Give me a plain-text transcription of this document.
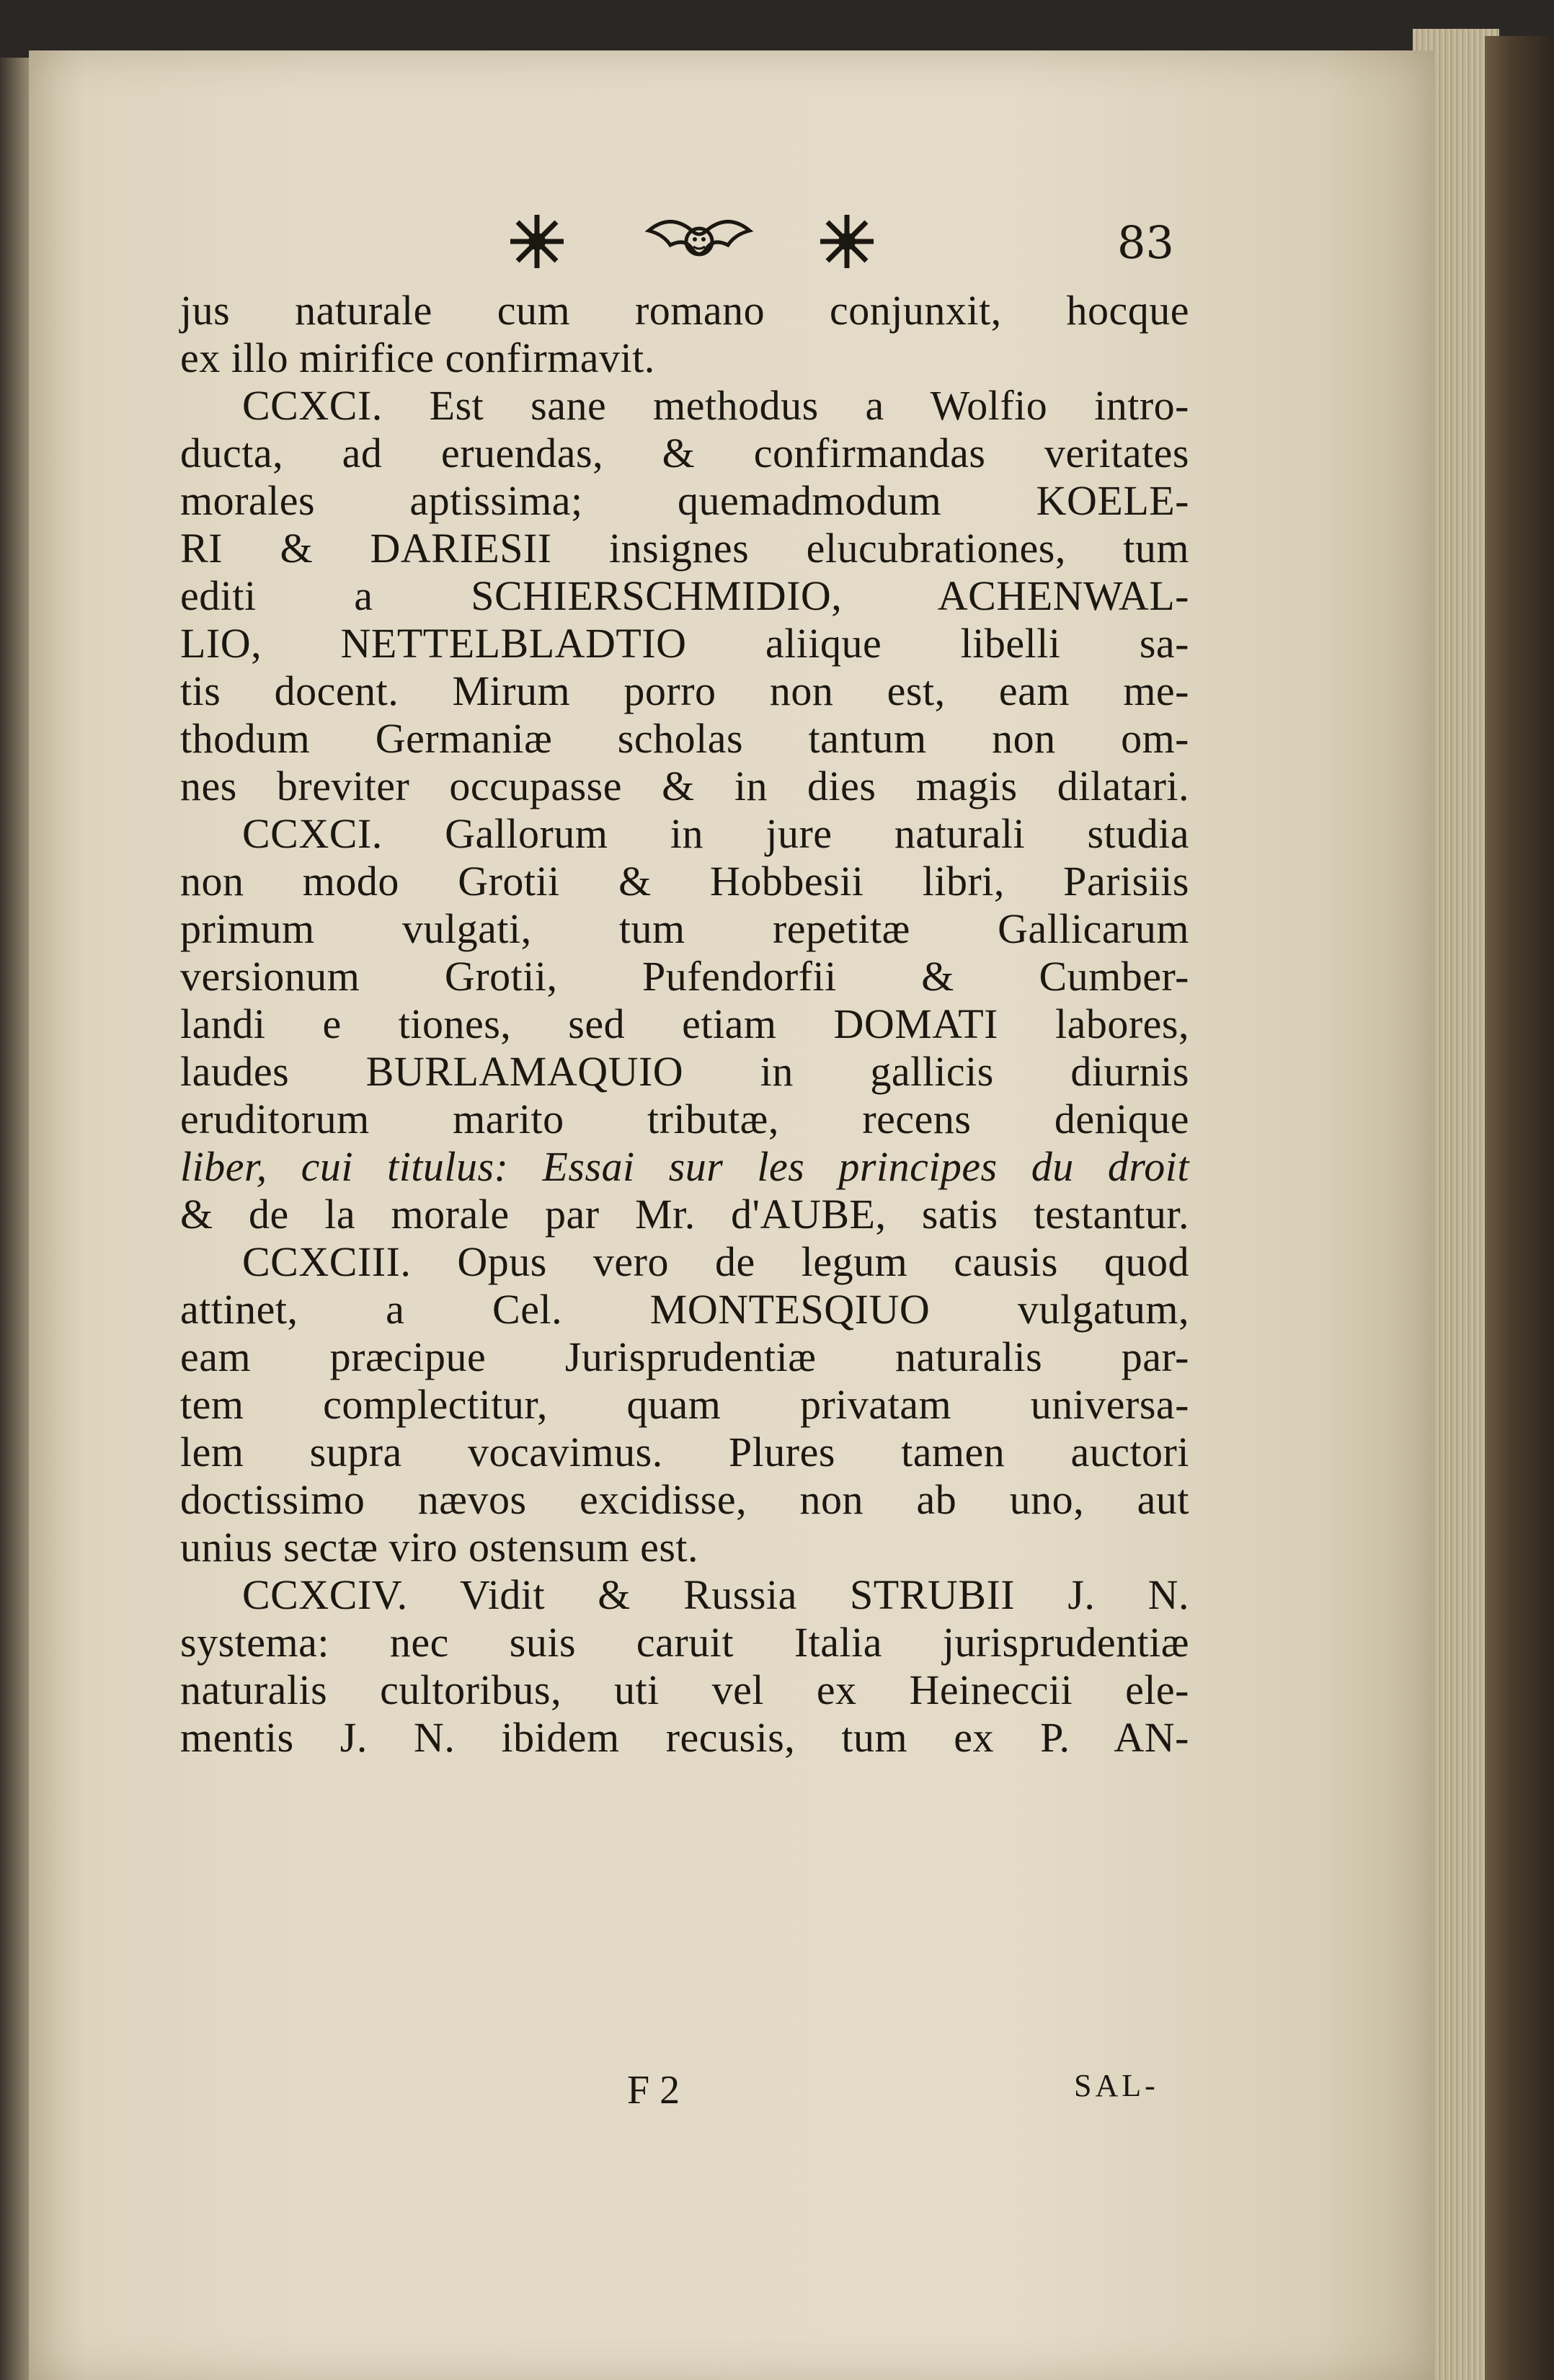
83
jus naturale cum romano conjunxit, hocque
ex illo mirifice confirmavit.
CCXCI. Est sane methodus a Wolfio intro-
ducta, ad eruendas, & confirmandas veritates
morales aptissima; quemadmodum KOELE-
RI & DARIESII insignes elucubrationes, tum
editi a SCHIERSCHMIDIO, ACHENWAL-
LIO, NETTELBLADTIO aliique libelli sa-
tis docent. Mirum porro non est, eam me-
thodum Germaniæ scholas tantum non om-
nes breviter occupasse & in dies magis dilatari.
CCXCI. Gallorum in jure naturali studia
non modo Grotii & Hobbesii libri, Parisiis
primum vulgati, tum repetitæ Gallicarum
versionum Grotii, Pufendorfii & Cumber-
landi e tiones, sed etiam DOMATI labores,
laudes BURLAMAQUIO in gallicis diurnis
eruditorum marito tributæ, recens denique
liber, cui titulus: Essai sur les principes du droit
& de la morale par Mr. d'AUBE, satis testantur.
CCXCIII. Opus vero de legum causis quod
attinet, a Cel. MONTESQIUO vulgatum,
eam præcipue Jurisprudentiæ naturalis par-
tem complectitur, quam privatam universa-
lem supra vocavimus. Plures tamen auctori
doctissimo nævos excidisse, non ab uno, aut
unius sectæ viro ostensum est.
CCXCIV. Vidit & Russia STRUBII J. N.
systema: nec suis caruit Italia jurisprudentiæ
naturalis cultoribus, uti vel ex Heineccii ele-
mentis J. N. ibidem recusis, tum ex P. AN-
F 2	SAL-
